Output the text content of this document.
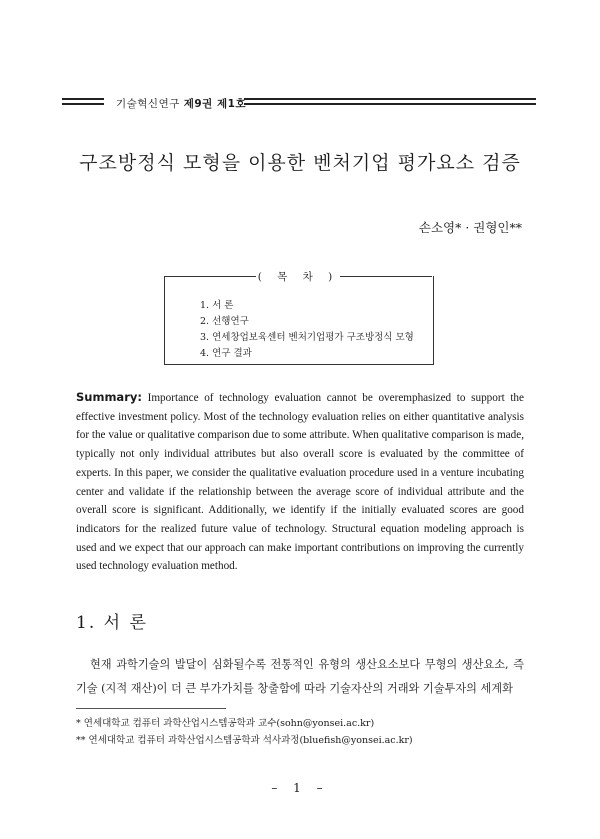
기술혁신연구 제9권 제1호
구조방정식 모형을 이용한 벤처기업 평가요소 검증
손소영* · 권형인**
( 목 차 )
1. 서 론
2. 선행연구
3. 연세창업보육센터 벤처기업평가 구조방정식 모형
4. 연구 결과
Summary: Importance of technology evaluation cannot be overemphasized to support the effective investment policy. Most of the technology evaluation relies on either quantitative analysis for the value or qualitative comparison due to some attribute. When qualitative comparison is made, typically not only individual attributes but also overall score is evaluated by the committee of experts. In this paper, we consider the qualitative evaluation procedure used in a venture incubating center and validate if the relationship between the average score of individual attribute and the overall score is significant. Additionally, we identify if the initially evaluated scores are good indicators for the realized future value of technology. Structural equation modeling approach is used and we expect that our approach can make important contributions on improving the currently used technology evaluation method.
1. 서 론
현재 과학기술의 발달이 심화될수록 전통적인 유형의 생산요소보다 무형의 생산요소, 즉 기술 (지적 재산)이 더 큰 부가가치를 창출함에 따라 기술자산의 거래와 기술투자의 세계화
* 연세대학교 컴퓨터 과학산업시스템공학과 교수(sohn@yonsei.ac.kr)
** 연세대학교 컴퓨터 과학산업시스템공학과 석사과정(bluefish@yonsei.ac.kr)
– 1 –
